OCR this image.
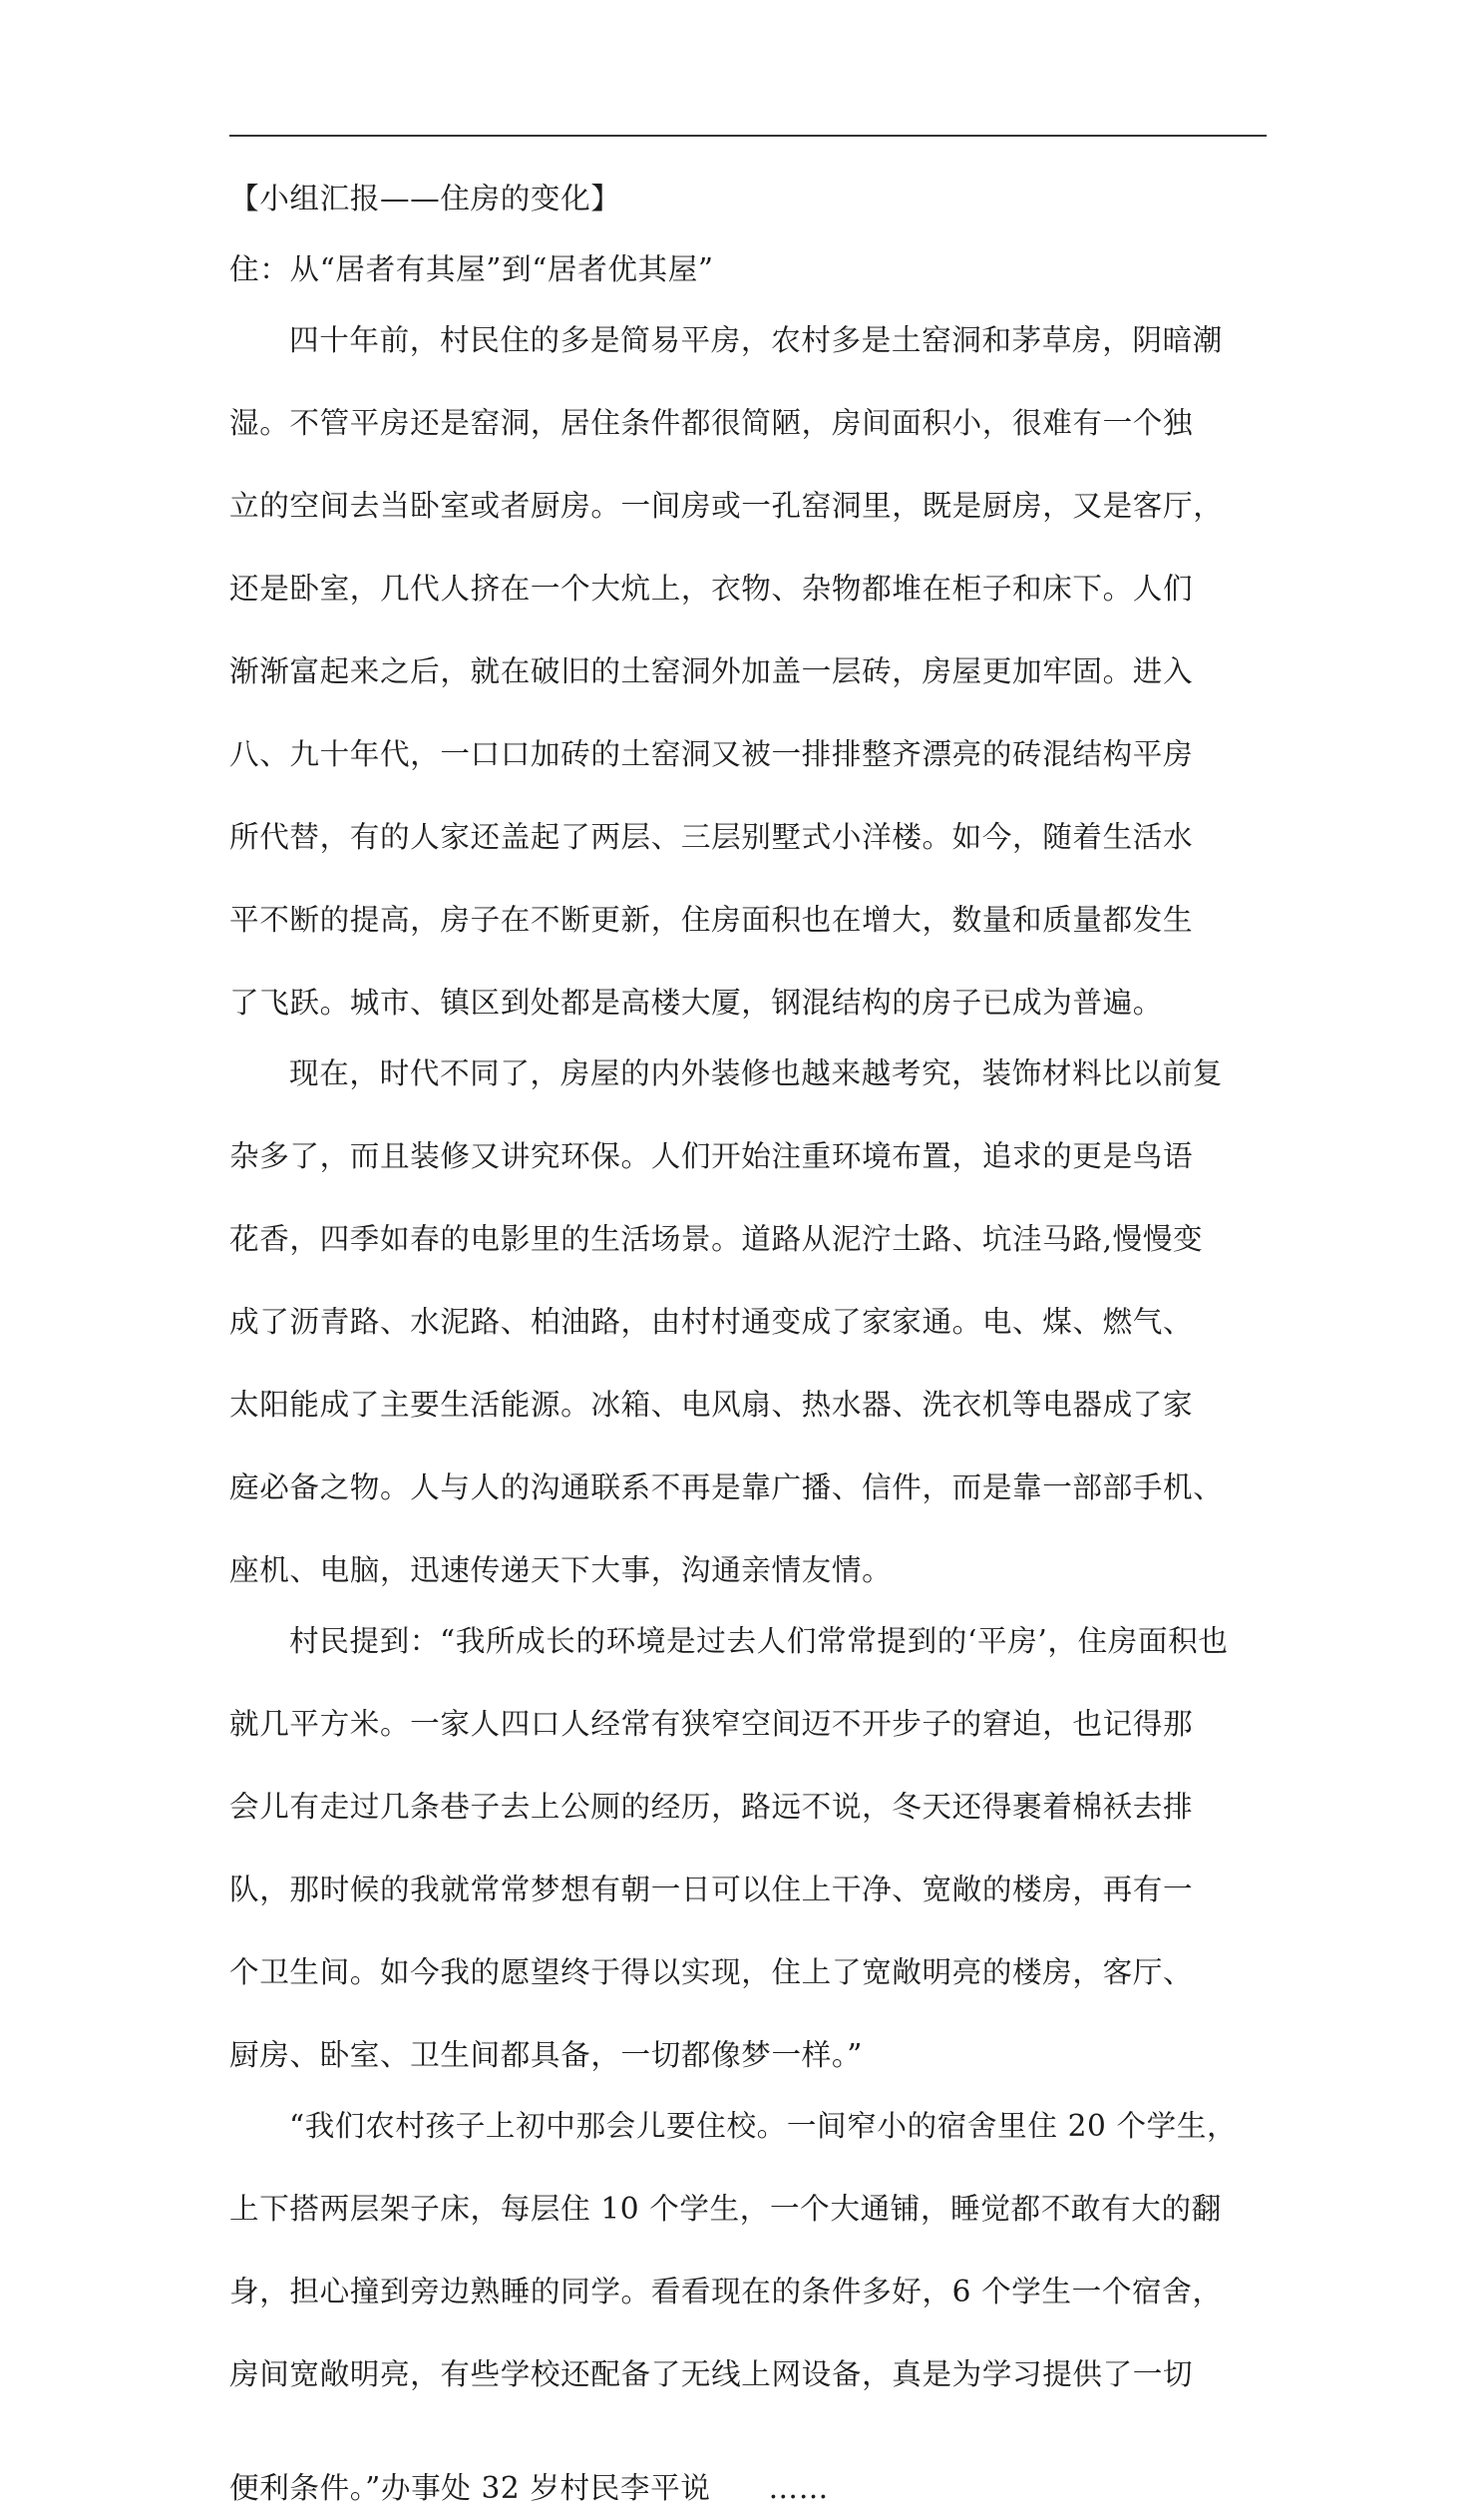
【小组汇报——住房的变化】
住：从“居者有其屋”到“居者优其屋”
四十年前，村民住的多是简易平房，农村多是土窑洞和茅草房，阴暗潮
湿。不管平房还是窑洞，居住条件都很简陋，房间面积小，很难有一个独
立的空间去当卧室或者厨房。一间房或一孔窑洞里，既是厨房，又是客厅，
还是卧室，几代人挤在一个大炕上，衣物、杂物都堆在柜子和床下。人们
渐渐富起来之后，就在破旧的土窑洞外加盖一层砖，房屋更加牢固。进入
八、九十年代，一口口加砖的土窑洞又被一排排整齐漂亮的砖混结构平房
所代替，有的人家还盖起了两层、三层别墅式小洋楼。如今，随着生活水
平不断的提高，房子在不断更新，住房面积也在增大，数量和质量都发生
了飞跃。城市、镇区到处都是高楼大厦，钢混结构的房子已成为普遍。
现在，时代不同了，房屋的内外装修也越来越考究，装饰材料比以前复
杂多了，而且装修又讲究环保。人们开始注重环境布置，追求的更是鸟语
花香，四季如春的电影里的生活场景。道路从泥泞土路、坑洼马路,慢慢变
成了沥青路、水泥路、柏油路，由村村通变成了家家通。电、煤、燃气、
太阳能成了主要生活能源。冰箱、电风扇、热水器、洗衣机等电器成了家
庭必备之物。人与人的沟通联系不再是靠广播、信件，而是靠一部部手机、
座机、电脑，迅速传递天下大事，沟通亲情友情。
村民提到：“我所成长的环境是过去人们常常提到的‘平房’，住房面积也
就几平方米。一家人四口人经常有狭窄空间迈不开步子的窘迫，也记得那
会儿有走过几条巷子去上公厕的经历，路远不说，冬天还得裹着棉袄去排
队，那时候的我就常常梦想有朝一日可以住上干净、宽敞的楼房，再有一
个卫生间。如今我的愿望终于得以实现，住上了宽敞明亮的楼房，客厅、
厨房、卧室、卫生间都具备，一切都像梦一样。”
“我们农村孩子上初中那会儿要住校。一间窄小的宿舍里住 20 个学生，
上下搭两层架子床，每层住 10 个学生，一个大通铺，睡觉都不敢有大的翻
身，担心撞到旁边熟睡的同学。看看现在的条件多好，6 个学生一个宿舍，
房间宽敞明亮，有些学校还配备了无线上网设备，真是为学习提供了一切
便利条件。”办事处 32 岁村民李平说 ……
